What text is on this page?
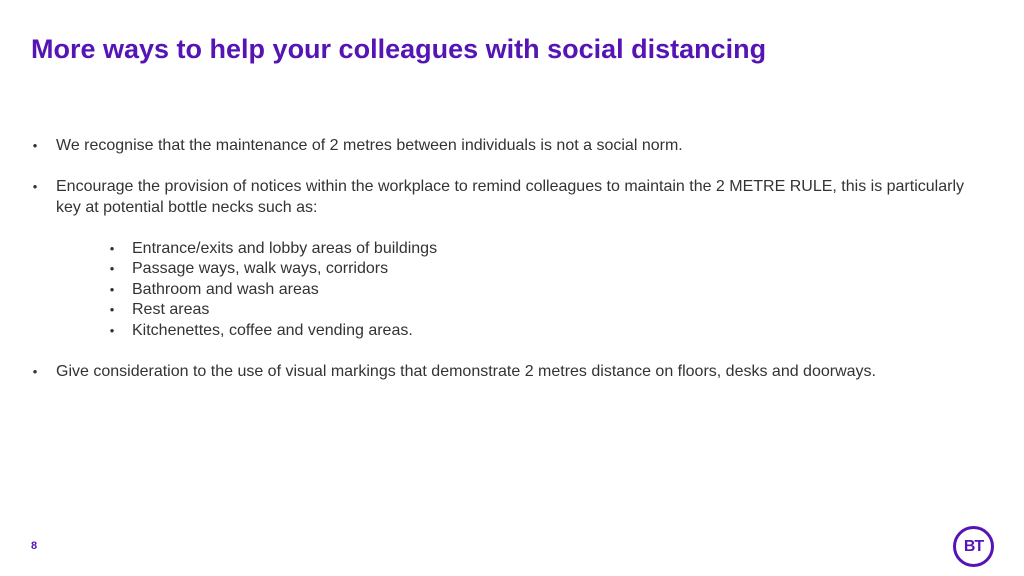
More ways to help your colleagues with social distancing
• We recognise that the maintenance of 2 metres between individuals is not a social norm.
• Encourage the provision of notices within the workplace to remind colleagues to maintain the 2 METRE RULE, this is particularly key at potential bottle necks such as:
• Entrance/exits and lobby areas of buildings
• Passage ways, walk ways, corridors
• Bathroom and wash areas
• Rest areas
• Kitchenettes, coffee and vending areas.
• Give consideration to the use of visual markings that demonstrate 2 metres distance on floors, desks and doorways.
8	BT
